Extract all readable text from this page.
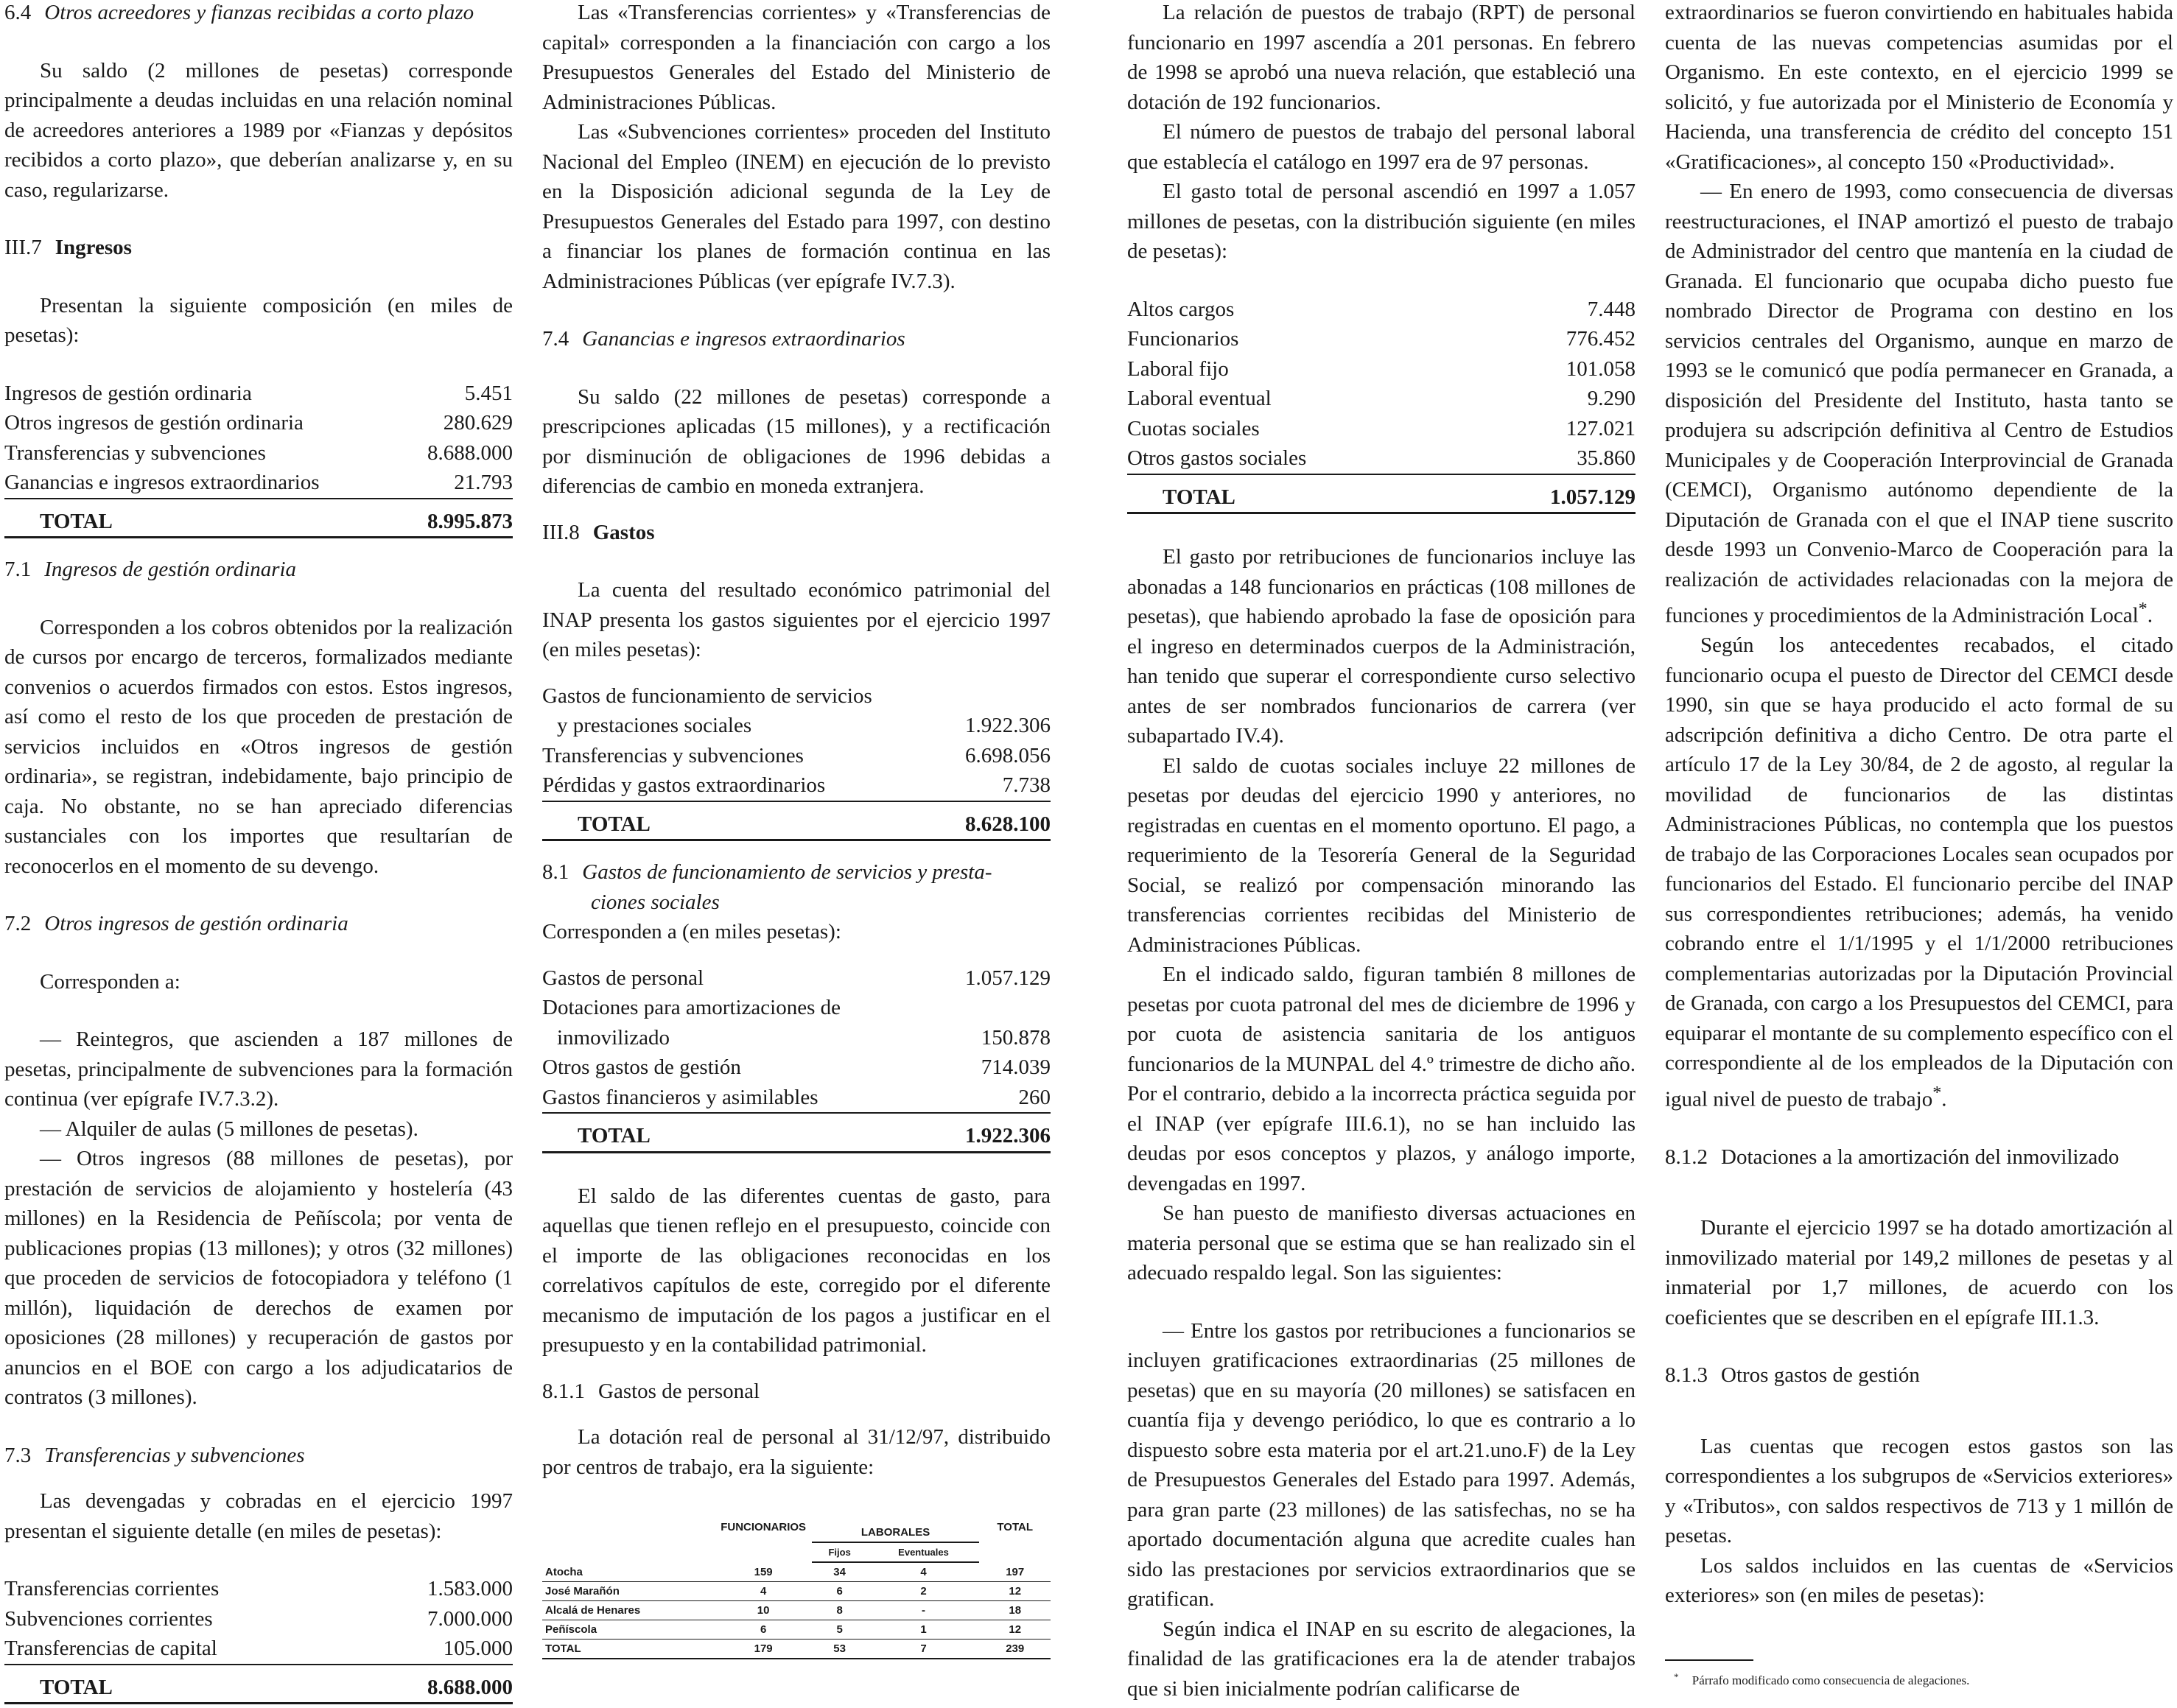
6.4 Otros acreedores y fianzas recibidas a corto plazo

Su saldo (2 millones de pesetas) corresponde principalmente a deudas incluidas en una relación nominal de acreedores anteriores a 1989 por «Fianzas y depósitos recibidos a corto plazo», que deberían analizarse y, en su caso, regularizarse.

III.7 Ingresos

Presentan la siguiente composición (en miles de pesetas):

Ingresos de gestión ordinaria	5.451
Otros ingresos de gestión ordinaria	280.629
Transferencias y subvenciones	8.688.000
Ganancias e ingresos extraordinarios	21.793
TOTAL	8.995.873
7.1 Ingresos de gestión ordinaria

Corresponden a los cobros obtenidos por la realización de cursos por encargo de terceros, formalizados mediante convenios o acuerdos firmados con estos. Estos ingresos, así como el resto de los que proceden de prestación de servicios incluidos en «Otros ingresos de gestión ordinaria», se registran, indebidamente, bajo principio de caja. No obstante, no se han apreciado diferencias sustanciales con los importes que resultarían de reconocerlos en el momento de su devengo.

7.2 Otros ingresos de gestión ordinaria

Corresponden a:

— Reintegros, que ascienden a 187 millones de pesetas, principalmente de subvenciones para la formación continua (ver epígrafe IV.7.3.2).

— Alquiler de aulas (5 millones de pesetas).

— Otros ingresos (88 millones de pesetas), por prestación de servicios de alojamiento y hostelería (43 millones) en la Residencia de Peñíscola; por venta de publicaciones propias (13 millones); y otros (32 millones) que proceden de servicios de fotocopiadora y teléfono (1 millón), liquidación de derechos de examen por oposiciones (28 millones) y recuperación de gastos por anuncios en el BOE con cargo a los adjudicatarios de contratos (3 millones).

7.3 Transferencias y subvenciones

Las devengadas y cobradas en el ejercicio 1997 presentan el siguiente detalle (en miles de pesetas):

Transferencias corrientes	1.583.000
Subvenciones corrientes	7.000.000
Transferencias de capital	105.000
TOTAL	8.688.000

Las «Transferencias corrientes» y «Transferencias de capital» corresponden a la financiación con cargo a los Presupuestos Generales del Estado del Ministerio de Administraciones Públicas.

Las «Subvenciones corrientes» proceden del Instituto Nacional del Empleo (INEM) en ejecución de lo previsto en la Disposición adicional segunda de la Ley de Presupuestos Generales del Estado para 1997, con destino a financiar los planes de formación continua en las Administraciones Públicas (ver epígrafe IV.7.3).

7.4 Ganancias e ingresos extraordinarios

Su saldo (22 millones de pesetas) corresponde a prescripciones aplicadas (15 millones), y a rectificación por disminución de obligaciones de 1996 debidas a diferencias de cambio en moneda extranjera.

III.8 Gastos

La cuenta del resultado económico patrimonial del INAP presenta los gastos siguientes por el ejercicio 1997 (en miles pesetas):

Gastos de funcionamiento de servicios	
y prestaciones sociales	1.922.306
Transferencias y subvenciones	6.698.056
Pérdidas y gastos extraordinarios	7.738
TOTAL	8.628.100
8.1 Gastos de funcionamiento de servicios y presta-
ciones sociales

Corresponden a (en miles pesetas):

Gastos de personal	1.057.129
Dotaciones para amortizaciones de	
inmovilizado	150.878
Otros gastos de gestión	714.039
Gastos financieros y asimilables	260
TOTAL	1.922.306

El saldo de las diferentes cuentas de gasto, para aquellas que tienen reflejo en el presupuesto, coincide con el importe de las obligaciones reconocidas en los correlativos capítulos de este, corregido por el diferente mecanismo de imputación de los pagos a justificar en el presupuesto y en la contabilidad patrimonial.

8.1.1 Gastos de personal

La dotación real de personal al 31/12/97, distribuido por centros de trabajo, era la siguiente:

	FUNCIONARIOS	LABORALES		TOTAL
		Fijos	Eventuales	
Atocha	159	34	4	197
José Marañón	4	6	2	12
Alcalá de Henares	10	8	-	18
Peñíscola	6	5	1	12
TOTAL	179	53	7	239

La relación de puestos de trabajo (RPT) de personal funcionario en 1997 ascendía a 201 personas. En febrero de 1998 se aprobó una nueva relación, que estableció una dotación de 192 funcionarios.

El número de puestos de trabajo del personal laboral que establecía el catálogo en 1997 era de 97 personas.

El gasto total de personal ascendió en 1997 a 1.057 millones de pesetas, con la distribución siguiente (en miles de pesetas):

Altos cargos	7.448
Funcionarios	776.452
Laboral fijo	101.058
Laboral eventual	9.290
Cuotas sociales	127.021
Otros gastos sociales	35.860
TOTAL	1.057.129

El gasto por retribuciones de funcionarios incluye las abonadas a 148 funcionarios en prácticas (108 millones de pesetas), que habiendo aprobado la fase de oposición para el ingreso en determinados cuerpos de la Administración, han tenido que superar el correspondiente curso selectivo antes de ser nombrados funcionarios de carrera (ver subapartado IV.4).

El saldo de cuotas sociales incluye 22 millones de pesetas por deudas del ejercicio 1990 y anteriores, no registradas en cuentas en el momento oportuno. El pago, a requerimiento de la Tesorería General de la Seguridad Social, se realizó por compensación minorando las transferencias corrientes recibidas del Ministerio de Administraciones Públicas.

En el indicado saldo, figuran también 8 millones de pesetas por cuota patronal del mes de diciembre de 1996 y por cuota de asistencia sanitaria de los antiguos funcionarios de la MUNPAL del 4.º trimestre de dicho año. Por el contrario, debido a la incorrecta práctica seguida por el INAP (ver epígrafe III.6.1), no se han incluido las deudas por esos conceptos y plazos, y análogo importe, devengadas en 1997.

Se han puesto de manifiesto diversas actuaciones en materia personal que se estima que se han realizado sin el adecuado respaldo legal. Son las siguientes:

— Entre los gastos por retribuciones a funcionarios se incluyen gratificaciones extraordinarias (25 millones de pesetas) que en su mayoría (20 millones) se satisfacen en cuantía fija y devengo periódico, lo que es contrario a lo dispuesto sobre esta materia por el art.21.uno.F) de la Ley de Presupuestos Generales del Estado para 1997. Además, para gran parte (23 millones) de las satisfechas, no se ha aportado documentación alguna que acredite cuales han sido las prestaciones por servicios extraordinarios que se gratifican.

Según indica el INAP en su escrito de alegaciones, la finalidad de las gratificaciones era la de atender trabajos que si bien inicialmente podrían calificarse de

extraordinarios se fueron convirtiendo en habituales habida cuenta de las nuevas competencias asumidas por el Organismo. En este contexto, en el ejercicio 1999 se solicitó, y fue autorizada por el Ministerio de Economía y Hacienda, una transferencia de crédito del concepto 151 «Gratificaciones», al concepto 150 «Productividad».

— En enero de 1993, como consecuencia de diversas reestructuraciones, el INAP amortizó el puesto de trabajo de Administrador del centro que mantenía en la ciudad de Granada. El funcionario que ocupaba dicho puesto fue nombrado Director de Programa con destino en los servicios centrales del Organismo, aunque en marzo de 1993 se le comunicó que podía permanecer en Granada, a disposición del Presidente del Instituto, hasta tanto se produjera su adscripción definitiva al Centro de Estudios Municipales y de Cooperación Interprovincial de Granada (CEMCI), Organismo autónomo dependiente de la Diputación de Granada con el que el INAP tiene suscrito desde 1993 un Convenio-Marco de Cooperación para la realización de actividades relacionadas con la mejora de funciones y procedimientos de la Administración Local*.

Según los antecedentes recabados, el citado funcionario ocupa el puesto de Director del CEMCI desde 1990, sin que se haya producido el acto formal de su adscripción definitiva a dicho Centro. De otra parte el artículo 17 de la Ley 30/84, de 2 de agosto, al regular la movilidad de funcionarios de las distintas Administraciones Públicas, no contempla que los puestos de trabajo de las Corporaciones Locales sean ocupados por funcionarios del Estado. El funcionario percibe del INAP sus correspondientes retribuciones; además, ha venido cobrando entre el 1/1/1995 y el 1/1/2000 retribuciones complementarias autorizadas por la Diputación Provincial de Granada, con cargo a los Presupuestos del CEMCI, para equiparar el montante de su complemento específico con el correspondiente al de los empleados de la Diputación con igual nivel de puesto de trabajo*.

8.1.2 Dotaciones a la amortización del inmovilizado

Durante el ejercicio 1997 se ha dotado amortización al inmovilizado material por 149,2 millones de pesetas y al inmaterial por 1,7 millones, de acuerdo con los coeficientes que se describen en el epígrafe III.1.3.

8.1.3 Otros gastos de gestión

Las cuentas que recogen estos gastos son las correspondientes a los subgrupos de «Servicios exteriores» y «Tributos», con saldos respectivos de 713 y 1 millón de pesetas.

Los saldos incluidos en las cuentas de «Servicios exteriores» son (en miles de pesetas):

* Párrafo modificado como consecuencia de alegaciones.
